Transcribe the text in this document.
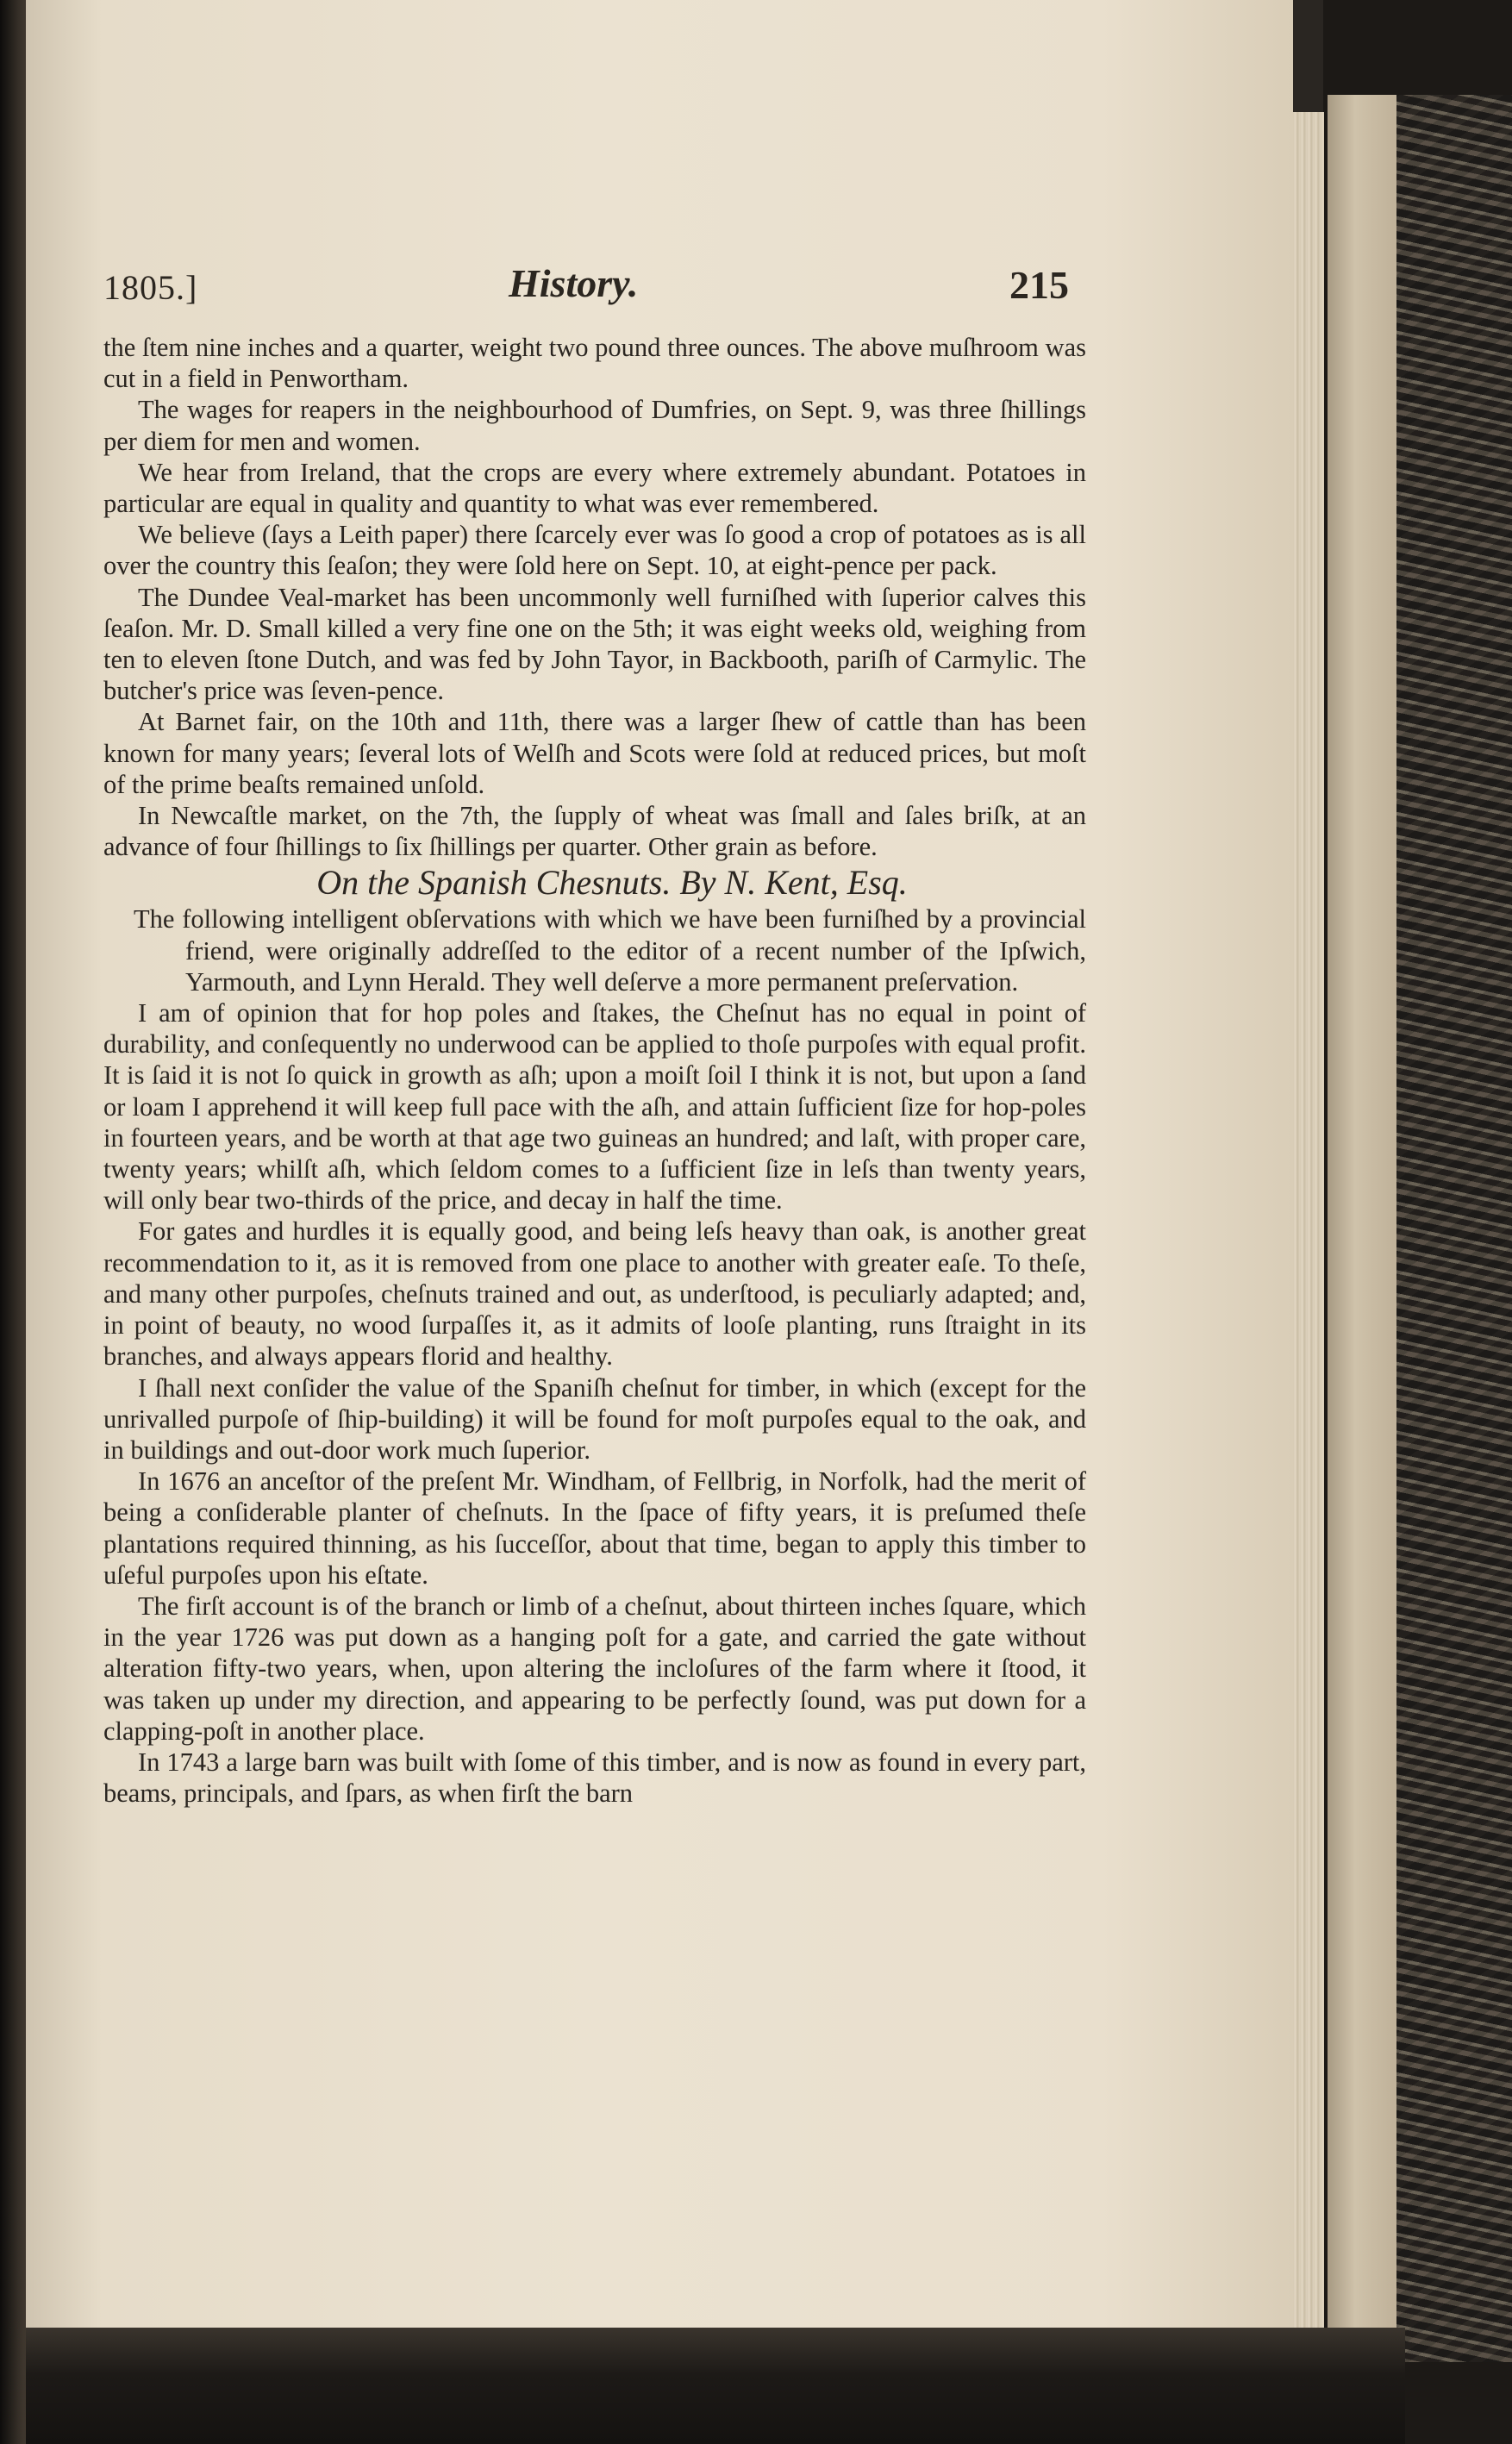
1805.]	History.	215

the ſtem nine inches and a quarter, weight two pound three ounces. The above muſhroom was cut in a field in Penwortham.

The wages for reapers in the neighbourhood of Dumfries, on Sept. 9, was three ſhillings per diem for men and women.

We hear from Ireland, that the crops are every where extremely abundant. Potatoes in particular are equal in quality and quantity to what was ever remembered.

We believe (ſays a Leith paper) there ſcarcely ever was ſo good a crop of potatoes as is all over the country this ſeaſon; they were ſold here on Sept. 10, at eight-pence per pack.

The Dundee Veal-market has been uncommonly well furniſhed with ſuperior calves this ſeaſon. Mr. D. Small killed a very fine one on the 5th; it was eight weeks old, weighing from ten to eleven ſtone Dutch, and was fed by John Tayor, in Backbooth, pariſh of Carmylic. The butcher's price was ſeven-pence.

At Barnet fair, on the 10th and 11th, there was a larger ſhew of cattle than has been known for many years; ſeveral lots of Welſh and Scots were ſold at reduced prices, but moſt of the prime beaſts remained unſold.

In Newcaſtle market, on the 7th, the ſupply of wheat was ſmall and ſales briſk, at an advance of four ſhillings to ſix ſhillings per quarter. Other grain as before.

On the Spanish Chesnuts. By N. Kent, Esq.

The following intelligent obſervations with which we have been furniſhed by a provincial friend, were originally addreſſed to the editor of a recent number of the Ipſwich, Yarmouth, and Lynn Herald. They well deſerve a more permanent preſervation.

I am of opinion that for hop poles and ſtakes, the Cheſnut has no equal in point of durability, and conſequently no underwood can be applied to thoſe purpoſes with equal profit. It is ſaid it is not ſo quick in growth as aſh; upon a moiſt ſoil I think it is not, but upon a ſand or loam I apprehend it will keep full pace with the aſh, and attain ſufficient ſize for hop-poles in fourteen years, and be worth at that age two guineas an hundred; and laſt, with proper care, twenty years; whilſt aſh, which ſeldom comes to a ſufficient ſize in leſs than twenty years, will only bear two-thirds of the price, and decay in half the time.

For gates and hurdles it is equally good, and being leſs heavy than oak, is another great recommendation to it, as it is removed from one place to another with greater eaſe. To theſe, and many other purpoſes, cheſnuts trained and out, as underſtood, is peculiarly adapted; and, in point of beauty, no wood ſurpaſſes it, as it admits of looſe planting, runs ſtraight in its branches, and always appears florid and healthy.

I ſhall next conſider the value of the Spaniſh cheſnut for timber, in which (except for the unrivalled purpoſe of ſhip-building) it will be found for moſt purpoſes equal to the oak, and in buildings and out-door work much ſuperior.

In 1676 an anceſtor of the preſent Mr. Windham, of Fellbrig, in Norfolk, had the merit of being a conſiderable planter of cheſnuts. In the ſpace of fifty years, it is preſumed theſe plantations required thinning, as his ſucceſſor, about that time, began to apply this timber to uſeful purpoſes upon his eſtate.

The firſt account is of the branch or limb of a cheſnut, about thirteen inches ſquare, which in the year 1726 was put down as a hanging poſt for a gate, and carried the gate without alteration fifty-two years, when, upon altering the incloſures of the farm where it ſtood, it was taken up under my direction, and appearing to be perfectly ſound, was put down for a clapping-poſt in another place.

In 1743 a large barn was built with ſome of this timber, and is now as found in every part, beams, principals, and ſpars, as when firſt the barn
